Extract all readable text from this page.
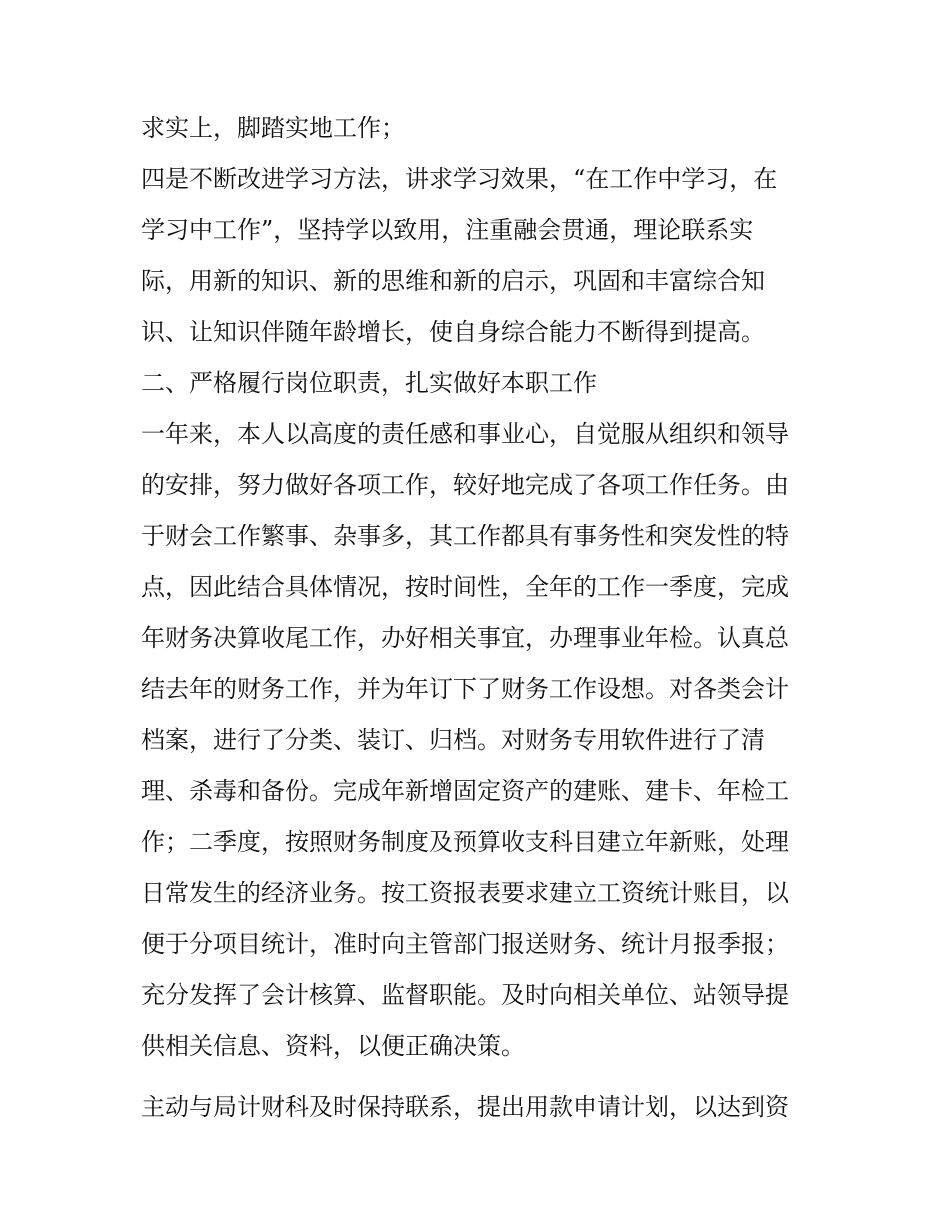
求实上，脚踏实地工作；

四是不断改进学习方法，讲求学习效果，“在工作中学习，在

学习中工作”，坚持学以致用，注重融会贯通，理论联系实

际，用新的知识、新的思维和新的启示，巩固和丰富综合知

识、让知识伴随年龄增长，使自身综合能力不断得到提高。

二、严格履行岗位职责，扎实做好本职工作

一年来，本人以高度的责任感和事业心，自觉服从组织和领导

的安排，努力做好各项工作，较好地完成了各项工作任务。由

于财会工作繁事、杂事多，其工作都具有事务性和突发性的特

点，因此结合具体情况，按时间性，全年的工作一季度，完成

年财务决算收尾工作，办好相关事宜，办理事业年检。认真总

结去年的财务工作，并为年订下了财务工作设想。对各类会计

档案，进行了分类、装订、归档。对财务专用软件进行了清

理、杀毒和备份。完成年新增固定资产的建账、建卡、年检工

作；二季度，按照财务制度及预算收支科目建立年新账，处理

日常发生的经济业务。按工资报表要求建立工资统计账目，以

便于分项目统计，准时向主管部门报送财务、统计月报季报；

充分发挥了会计核算、监督职能。及时向相关单位、站领导提

供相关信息、资料，以便正确决策。

主动与局计财科及时保持联系，提出用款申请计划，以达到资
